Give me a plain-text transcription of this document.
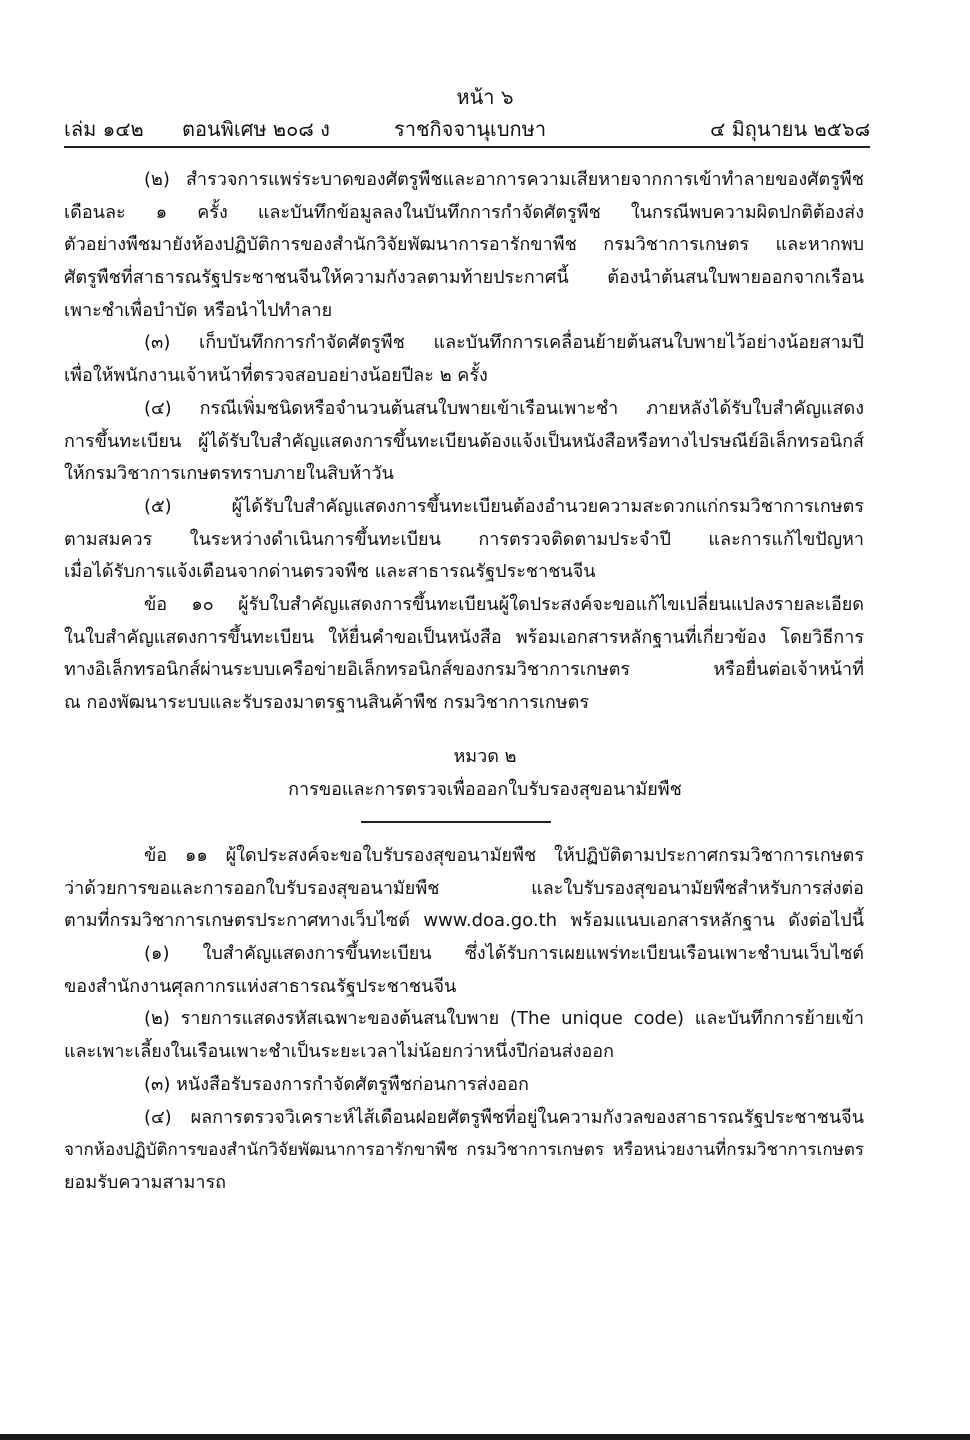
หน้า ๖
เล่ม ๑๔๒ ตอนพิเศษ ๒๐๘ ง	ราชกิจจานุเบกษา	๔ มิถุนายน ๒๕๖๘
(๒) สำรวจการแพร่ระบาดของศัตรูพืชและอาการความเสียหายจากการเข้าทำลายของศัตรูพืช
เดือนละ ๑ ครั้ง และบันทึกข้อมูลลงในบันทึกการกำจัดศัตรูพืช ในกรณีพบความผิดปกติต้องส่ง
ตัวอย่างพืชมายังห้องปฏิบัติการของสำนักวิจัยพัฒนาการอารักขาพืช กรมวิชาการเกษตร และหากพบ
ศัตรูพืชที่สาธารณรัฐประชาชนจีนให้ความกังวลตามท้ายประกาศนี้ ต้องนำต้นสนใบพายออกจากเรือน
เพาะชำเพื่อบำบัด หรือนำไปทำลาย
(๓) เก็บบันทึกการกำจัดศัตรูพืช และบันทึกการเคลื่อนย้ายต้นสนใบพายไว้อย่างน้อยสามปี
เพื่อให้พนักงานเจ้าหน้าที่ตรวจสอบอย่างน้อยปีละ ๒ ครั้ง
(๔) กรณีเพิ่มชนิดหรือจำนวนต้นสนใบพายเข้าเรือนเพาะชำ ภายหลังได้รับใบสำคัญแสดง
การขึ้นทะเบียน ผู้ได้รับใบสำคัญแสดงการขึ้นทะเบียนต้องแจ้งเป็นหนังสือหรือทางไปรษณีย์อิเล็กทรอนิกส์
ให้กรมวิชาการเกษตรทราบภายในสิบห้าวัน
(๕) ผู้ได้รับใบสำคัญแสดงการขึ้นทะเบียนต้องอำนวยความสะดวกแก่กรมวิชาการเกษตร
ตามสมควร ในระหว่างดำเนินการขึ้นทะเบียน การตรวจติดตามประจำปี และการแก้ไขปัญหา
เมื่อได้รับการแจ้งเตือนจากด่านตรวจพืช และสาธารณรัฐประชาชนจีน
ข้อ ๑๐ ผู้รับใบสำคัญแสดงการขึ้นทะเบียนผู้ใดประสงค์จะขอแก้ไขเปลี่ยนแปลงรายละเอียด
ในใบสำคัญแสดงการขึ้นทะเบียน ให้ยื่นคำขอเป็นหนังสือ พร้อมเอกสารหลักฐานที่เกี่ยวข้อง โดยวิธีการ
ทางอิเล็กทรอนิกส์ผ่านระบบเครือข่ายอิเล็กทรอนิกส์ของกรมวิชาการเกษตร หรือยื่นต่อเจ้าหน้าที่
ณ กองพัฒนาระบบและรับรองมาตรฐานสินค้าพืช กรมวิชาการเกษตร
หมวด ๒
การขอและการตรวจเพื่อออกใบรับรองสุขอนามัยพืช
ข้อ ๑๑ ผู้ใดประสงค์จะขอใบรับรองสุขอนามัยพืช ให้ปฏิบัติตามประกาศกรมวิชาการเกษตร
ว่าด้วยการขอและการออกใบรับรองสุขอนามัยพืช และใบรับรองสุขอนามัยพืชสำหรับการส่งต่อ
ตามที่กรมวิชาการเกษตรประกาศทางเว็บไซต์ www.doa.go.th พร้อมแนบเอกสารหลักฐาน ดังต่อไปนี้
(๑) ใบสำคัญแสดงการขึ้นทะเบียน ซึ่งได้รับการเผยแพร่ทะเบียนเรือนเพาะชำบนเว็บไซต์
ของสำนักงานศุลกากรแห่งสาธารณรัฐประชาชนจีน
(๒) รายการแสดงรหัสเฉพาะของต้นสนใบพาย (The unique code) และบันทึกการย้ายเข้า
และเพาะเลี้ยงในเรือนเพาะชำเป็นระยะเวลาไม่น้อยกว่าหนึ่งปีก่อนส่งออก
(๓) หนังสือรับรองการกำจัดศัตรูพืชก่อนการส่งออก
(๔) ผลการตรวจวิเคราะห์ไส้เดือนฝอยศัตรูพืชที่อยู่ในความกังวลของสาธารณรัฐประชาชนจีน
จากห้องปฏิบัติการของสำนักวิจัยพัฒนาการอารักขาพืช กรมวิชาการเกษตร หรือหน่วยงานที่กรมวิชาการเกษตร
ยอมรับความสามารถ
